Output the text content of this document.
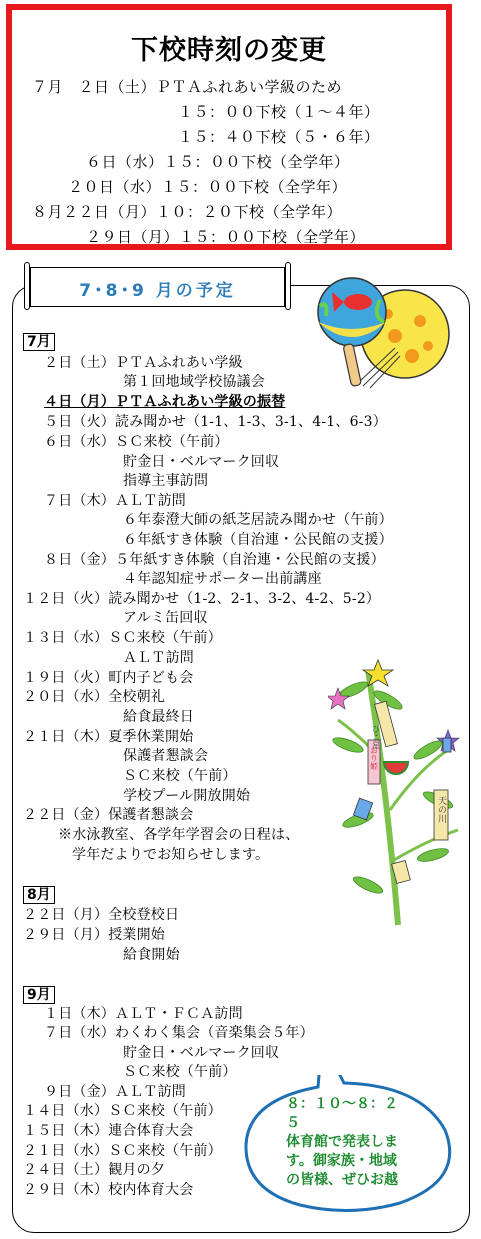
下校時刻の変更
７月　２日（土）ＰＴＡふれあい学級のため
１５：００下校（１～４年）
１５：４０下校（５・６年）
６日（水）１５：００下校（全学年）
２０日（水）１５：００下校（全学年）
８月２２日（月）１０：２０下校（全学年）
２９日（月）１５：００下校（全学年）
7･8･9 月の予定
ひこ星
おり姫
天の川
7月
２日（土）ＰＴＡふれあい学級
第１回地域学校協議会
４日（月）ＰＴＡふれあい学級の振替
５日（火）読み聞かせ（1-1、1-3、3-1、4-1、6-3）
６日（水）ＳＣ来校（午前）
貯金日・ベルマーク回収
指導主事訪問
７日（木）ＡＬＴ訪問
６年泰澄大師の紙芝居読み聞かせ（午前）
６年紙すき体験（自治連・公民館の支援）
８日（金）５年紙すき体験（自治連・公民館の支援）
４年認知症サポーター出前講座
１２日（火）読み聞かせ（1-2、2-1、3-2、4-2、5-2）
アルミ缶回収
１３日（水）ＳＣ来校（午前）
ＡＬＴ訪問
１９日（火）町内子ども会
２０日（水）全校朝礼
給食最終日
２１日（木）夏季休業開始
保護者懇談会
ＳＣ来校（午前）
学校プール開放開始
２２日（金）保護者懇談会
※水泳教室、各学年学習会の日程は、
学年だよりでお知らせします。
8月
２２日（月）全校登校日
２９日（月）授業開始
給食開始
9月
１日（木）ＡＬＴ・ＦＣＡ訪問
７日（水）わくわく集会（音楽集会５年）
貯金日・ベルマーク回収
ＳＣ来校（午前）
９日（金）ＡＬＴ訪問
１４日（水）ＳＣ来校（午前）
１５日（木）連合体育大会
２１日（水）ＳＣ来校（午前）
２４日（土）観月の夕
２９日（木）校内体育大会
８：１０～８：２
５
体育館で発表しま
す。御家族・地域
の皆様、ぜひお越
